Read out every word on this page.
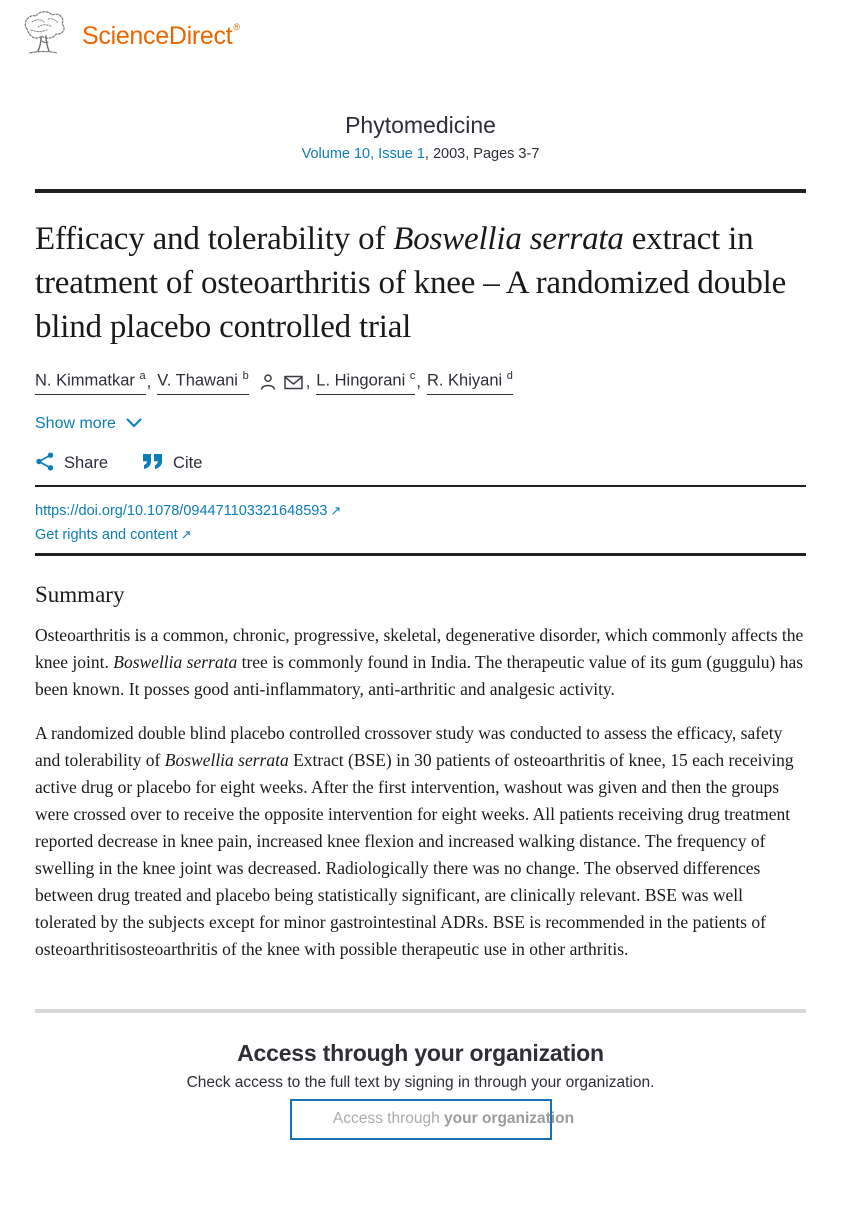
ScienceDirect®
Phytomedicine
Volume 10, Issue 1, 2003, Pages 3-7
Efficacy and tolerability of Boswellia serrata extract in treatment of osteoarthritis of knee – A randomized double blind placebo controlled trial
N. Kimmatkar $^a$ , V. Thawani $^b$	, L. Hingorani $^c$ , R. Khiyani $^d$
Show more
Share	Cite
https://doi.org/10.1078/094471103321648593 ↗
Get rights and content ↗
Summary

Osteoarthritis is a common, chronic, progressive, skeletal, degenerative disorder, which commonly affects the knee joint. Boswellia serrata tree is commonly found in India. The therapeutic value of its gum (guggulu) has been known. It posses good anti-inflammatory, anti-arthritic and analgesic activity.

A randomized double blind placebo controlled crossover study was conducted to assess the efficacy, safety and tolerability of Boswellia serrata Extract (BSE) in 30 patients of osteoarthritis of knee, 15 each receiving active drug or placebo for eight weeks. After the first intervention, washout was given and then the groups were crossed over to receive the opposite intervention for eight weeks. All patients receiving drug treatment reported decrease in knee pain, increased knee flexion and increased walking distance. The frequency of swelling in the knee joint was decreased. Radiologically there was no change. The observed differences between drug treated and placebo being statistically significant, are clinically relevant. BSE was well tolerated by the subjects except for minor gastrointestinal ADRs. BSE is recommended in the patients of osteoarthritisosteoarthritis of the knee with possible therapeutic use in other arthritis.

Access through your organization

Check access to the full text by signing in through your organization.

Access through your organization
